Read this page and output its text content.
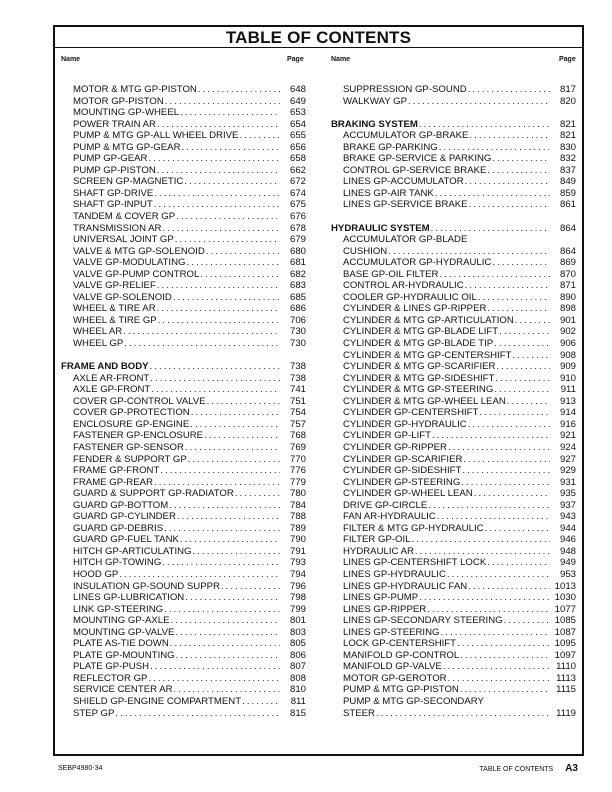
TABLE OF CONTENTS
Name	Page	Name	Page
MOTOR & MTG GP-PISTON . . .	648
MOTOR GP-PISTON . . .	649
MOUNTING GP-WHEEL . . .	653
POWER TRAIN AR . . .	654
PUMP & MTG GP-ALL WHEEL DRIVE . . .	655
PUMP & MTG GP-GEAR . . .	656
PUMP GP-GEAR . . .	658
PUMP GP-PISTON . . .	662
SCREEN GP-MAGNETIC . . .	672
SHAFT GP-DRIVE . . .	674
SHAFT GP-INPUT . . .	675
TANDEM & COVER GP . . .	676
TRANSMISSION AR . . .	678
UNIVERSAL JOINT GP . . .	679
VALVE & MTG GP-SOLENOID . . .	680
VALVE GP-MODULATING . . .	681
VALVE GP-PUMP CONTROL . . .	682
VALVE GP-RELIEF . . .	683
VALVE GP-SOLENOID . . .	685
WHEEL & TIRE AR . . .	686
WHEEL & TIRE GP . . .	706
WHEEL AR . . .	730
WHEEL GP . . .	730
FRAME AND BODY . . .	738
AXLE AR-FRONT . . .	738
AXLE GP-FRONT . . .	741
COVER GP-CONTROL VALVE . . .	751
COVER GP-PROTECTION . . .	754
ENCLOSURE GP-ENGINE . . .	757
FASTENER GP-ENCLOSURE . . .	768
FASTENER GP-SENSOR . . .	769
FENDER & SUPPORT GP . . .	770
FRAME GP-FRONT . . .	776
FRAME GP-REAR . . .	779
GUARD & SUPPORT GP-RADIATOR . . .	780
GUARD GP-BOTTOM . . .	784
GUARD GP-CYLINDER . . .	788
GUARD GP-DEBRIS . . .	789
GUARD GP-FUEL TANK . . .	790
HITCH GP-ARTICULATING . . .	791
HITCH GP-TOWING . . .	793
HOOD GP . . .	794
INSULATION GP-SOUND SUPPR . . .	796
LINES GP-LUBRICATION . . .	798
LINK GP-STEERING . . .	799
MOUNTING GP-AXLE . . .	801
MOUNTING GP-VALVE . . .	803
PLATE AS-TIE DOWN . . .	805
PLATE GP-MOUNTING . . .	806
PLATE GP-PUSH . . .	807
REFLECTOR GP . . .	808
SERVICE CENTER AR . . .	810
SHIELD GP-ENGINE COMPARTMENT . . .	811
STEP GP . . .	815
SUPPRESSION GP-SOUND . . .	817
WALKWAY GP . . .	820
BRAKING SYSTEM . . .	821
ACCUMULATOR GP-BRAKE . . .	821
BRAKE GP-PARKING . . .	830
BRAKE GP-SERVICE & PARKING . . .	832
CONTROL GP-SERVICE BRAKE . . .	837
LINES GP-ACCUMULATOR . . .	849
LINES GP-AIR TANK . . .	859
LINES GP-SERVICE BRAKE . . .	861
HYDRAULIC SYSTEM . . .	864
ACCUMULATOR GP-BLADE
CUSHION . . .	864
ACCUMULATOR GP-HYDRAULIC . . .	869
BASE GP-OIL FILTER . . .	870
CONTROL AR-HYDRAULIC . . .	871
COOLER GP-HYDRAULIC OIL . . .	890
CYLINDER & LINES GP-RIPPER . . .	898
CYLINDER & MTG GP-ARTICULATION . . .	901
CYLINDER & MTG GP-BLADE LIFT . . .	902
CYLINDER & MTG GP-BLADE TIP . . .	906
CYLINDER & MTG GP-CENTERSHIFT . . .	908
CYLINDER & MTG GP-SCARIFIER . . .	909
CYLINDER & MTG GP-SIDESHIFT . . .	910
CYLINDER & MTG GP-STEERING . . .	911
CYLINDER & MTG GP-WHEEL LEAN . . .	913
CYLINDER GP-CENTERSHIFT . . .	914
CYLINDER GP-HYDRAULIC . . .	916
CYLINDER GP-LIFT . . .	921
CYLINDER GP-RIPPER . . .	924
CYLINDER GP-SCARIFIER . . .	927
CYLINDER GP-SIDESHIFT . . .	929
CYLINDER GP-STEERING . . .	931
CYLINDER GP-WHEEL LEAN . . .	935
DRIVE GP-CIRCLE . . .	937
FAN AR-HYDRAULIC . . .	943
FILTER & MTG GP-HYDRAULIC . . .	944
FILTER GP-OIL . . .	946
HYDRAULIC AR . . .	948
LINES GP-CENTERSHIFT LOCK . . .	949
LINES GP-HYDRAULIC . . .	953
LINES GP-HYDRAULIC FAN . . .	1013
LINES GP-PUMP . . .	1030
LINES GP-RIPPER . . .	1077
LINES GP-SECONDARY STEERING . . .	1085
LINES GP-STEERING . . .	1087
LOCK GP-CENTERSHIFT . . .	1095
MANIFOLD GP-CONTROL . . .	1097
MANIFOLD GP-VALVE . . .	1110
MOTOR GP-GEROTOR . . .	1113
PUMP & MTG GP-PISTON . . .	1115
PUMP & MTG GP-SECONDARY
STEER . . .	1119
SEBP4980-34	TABLE OF CONTENTS A3
